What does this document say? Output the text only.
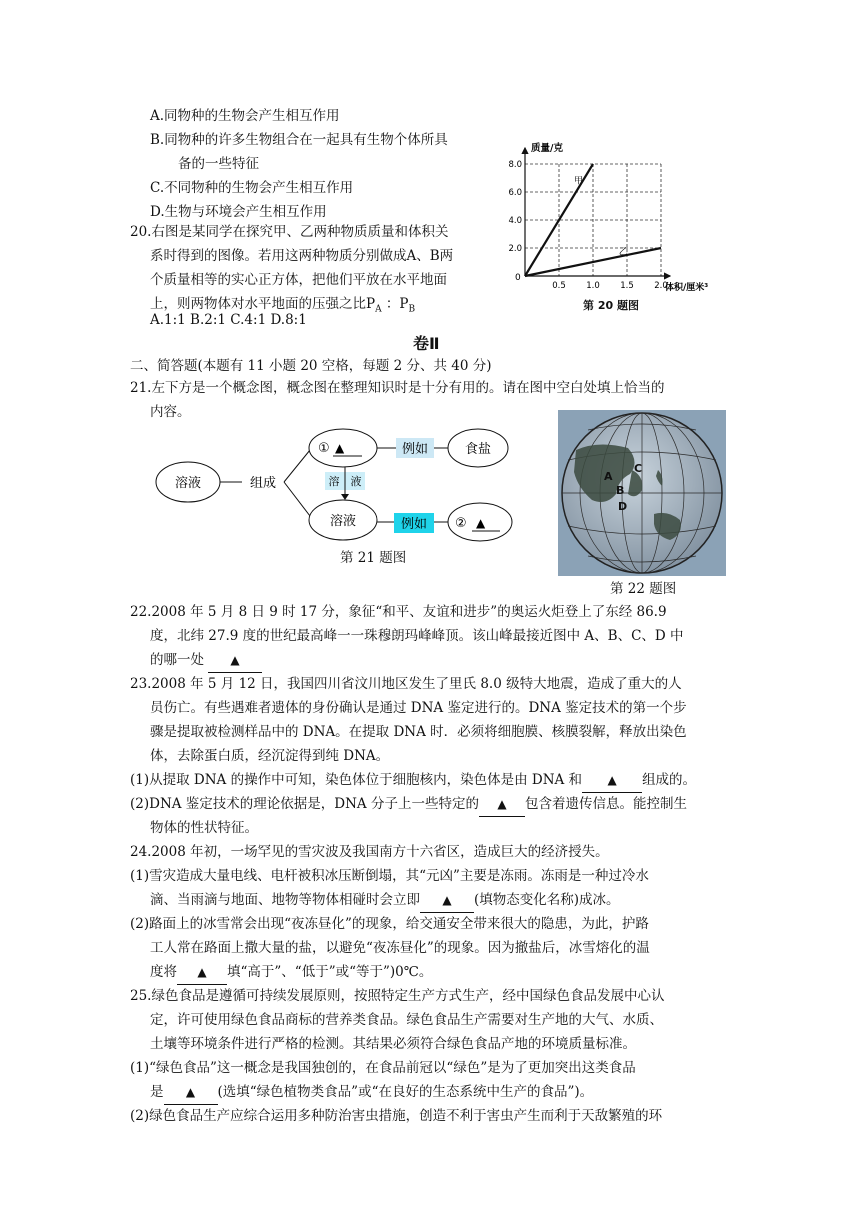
A.同物种的生物会产生相互作用
B.同物种的许多生物组合在一起具有生物个体所具
备的一些特征
C.不同物种的生物会产生相互作用
D.生物与环境会产生相互作用
20.右图是某同学在探究甲、乙两种物质质量和体积关
系时得到的图像。若用这两种物质分别做成A、B两
个质量相等的实心正方体，把他们平放在水平地面
上，则两物体对水平地面的压强之比$P_A$ ：$P_B$
A.1:1 B.2:1 C.4:1 D.8:1
质量/克
体积/厘米³
0
0.5 1.0 1.5 2.0
2.0
4.0
6.0
8.0
甲
乙
第 20 题图
卷Ⅱ
二、简答题(本题有 11 小题 20 空格，每题 2 分、共 40 分)
21.左下方是一个概念图，概念图在整理知识时是十分有用的。请在图中空白处填上恰当的
内容。
溶液	组成
① ▲	例如	食盐
溶　液
溶液	例如 ② ▲
第 21 题图
A
B
C
D
第 22 题图
22.2008 年 5 月 8 日 9 时 17 分，象征“和平、友谊和进步”的奥运火炬登上了东经 86.9
度，北纬 27.9 度的世纪最高峰一一珠穆朗玛峰峰顶。该山峰最接近图中 A、B、C、D 中
的哪一处 ▲
23.2008 年 5 月 12 日，我国四川省汶川地区发生了里氏 8.0 级特大地震，造成了重大的人
员伤亡。有些遇难者遗体的身份确认是通过 DNA 鉴定进行的。DNA 鉴定技术的第一个步
骤是提取被检测样品中的 DNA。在提取 DNA 时．必须将细胞膜、核膜裂解，释放出染色
体，去除蛋白质，经沉淀得到纯 DNA。
(1)从提取 DNA 的操作中可知，染色体位于细胞核内，染色体是由 DNA 和 ▲ 组成的。
(2)DNA 鉴定技术的理论依据是，DNA 分子上一些特定的 ▲ 包含着遗传信息。能控制生
物体的性状特征。
24.2008 年初，一场罕见的雪灾波及我国南方十六省区，造成巨大的经济授失。
(1)雪灾造成大量电线、电杆被积冰压断倒塌，其“元凶”主要是冻雨。冻雨是一种过冷水
滴、当雨滴与地面、地物等物体相碰时会立即 ▲ (填物态变化名称)成冰。
(2)路面上的冰雪常会出现“夜冻昼化”的现象，给交通安全带来很大的隐患，为此，护路
工人常在路面上撒大量的盐，以避免“夜冻昼化”的现象。因为撤盐后，冰雪熔化的温
度将 ▲ 填“高于”、“低于”或“等于”)0℃。
25.绿色食品是遵循可持续发展原则，按照特定生产方式生产，经中国绿色食品发展中心认
定，许可使用绿色食品商标的营养类食品。绿色食品生产需要对生产地的大气、水质、
土壤等环境条件进行严格的检测。其结果必须符合绿色食品产地的环境质量标准。
(1)“绿色食品”这一概念是我国独创的，在食品前冠以“绿色”是为了更加突出这类食品
是 ▲ (选填“绿色植物类食品”或“在良好的生态系统中生产的食品”)。
(2)绿色食品生产应综合运用多种防治害虫措施，创造不利于害虫产生而利于天敌繁殖的环
